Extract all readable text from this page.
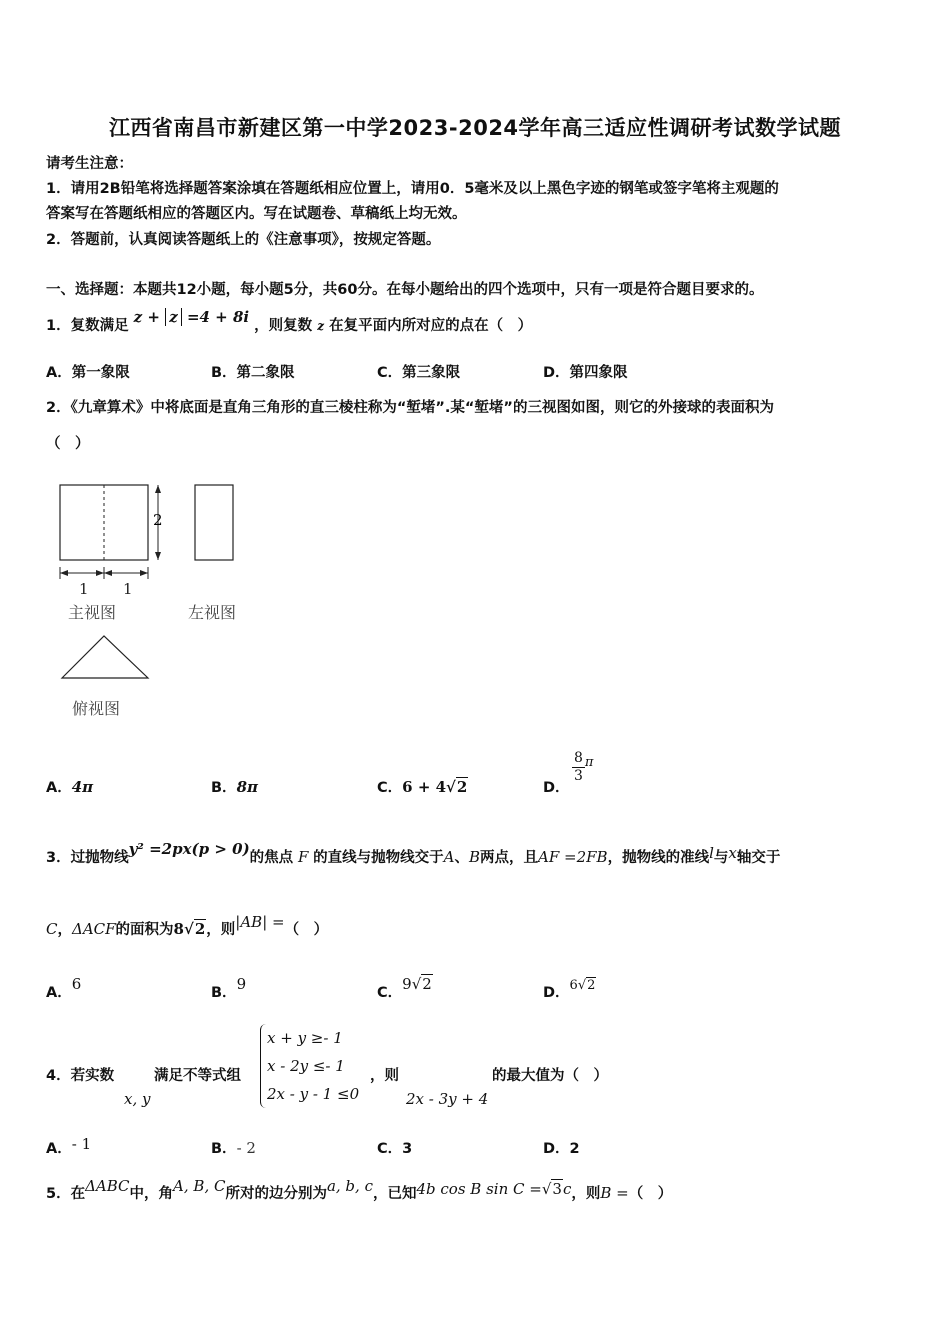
江西省南昌市新建区第一中学2023-2024学年高三适应性调研考试数学试题
请考生注意：
1．请用2B铅笔将选择题答案涂填在答题纸相应位置上，请用0．5毫米及以上黑色字迹的钢笔或签字笔将主观题的
答案写在答题纸相应的答题区内。写在试题卷、草稿纸上均无效。
2．答题前，认真阅读答题纸上的《注意事项》，按规定答题。
一、选择题：本题共12小题，每小题5分，共60分。在每小题给出的四个选项中，只有一项是符合题目要求的。
1．复数满足 z + z =4 + 8i ，则复数 z 在复平面内所对应的点在（　）
A．第一象限	B．第二象限	C．第三象限	D．第四象限
2．《九章算术》中将底面是直角三角形的直三棱柱称为“堑堵”.某“堑堵”的三视图如图，则它的外接球的表面积为
（　）
2
1 1
主视图	左视图
俯视图
A．4π	B．8π	C．6 + 4√2	D．
$\frac{8}{3} ^\pi$
3．过抛物线y² =2px(p > 0)的焦点 F 的直线与抛物线交于A、B两点，且AF =2FB，抛物线的准线l与x轴交于
C，ΔACF的面积为8√2，则|AB| =（　）
A．6	B．9	C．9√2	D．6√2
4．若实数
x, y
满足不等式组
x + y ≥- 1
x - 2y ≤- 1
2x - y - 1 ≤0
，则
2x - 3y + 4
的最大值为（　）
A．- 1	B．- 2	C．3	D．2
5．在ΔABC中，角A, B, C所对的边分别为a, b, c，已知4b cos B sin C =√3c，则B =（　）
